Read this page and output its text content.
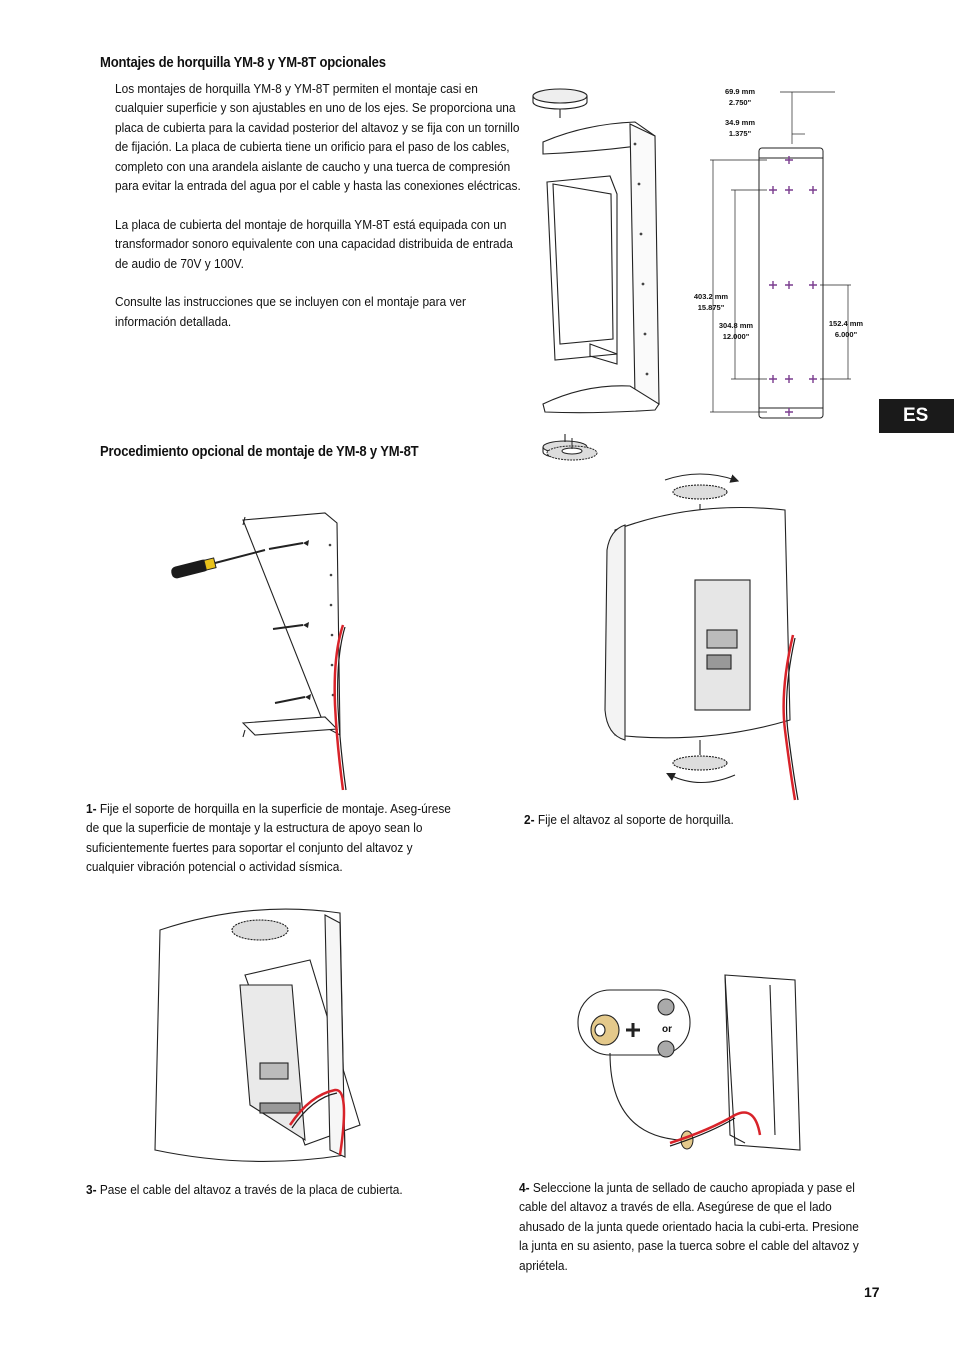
Montajes de horquilla YM-8 y YM-8T opcionales

Los montajes de horquilla YM-8 y YM-8T permiten el montaje casi en cualquier superficie y son ajustables en uno de los ejes. Se proporciona una placa de cubierta para la cavidad posterior del altavoz y se fija con un tornillo de fijación. La placa de cubierta tiene un orificio para el paso de los cables, completo con una arandela aislante de caucho y una tuerca de compresión para evitar la entrada del agua por el cable y hasta las conexiones eléctricas.

La placa de cubierta del montaje de horquilla YM-8T está equipada con un transformador sonoro equivalente con una capacidad distribuida de entrada de audio de 70V y 100V.

Consulte las instrucciones que se incluyen con el montaje para ver información detallada.

69.9 mm
2.750"
34.9 mm
1.375"
403.2 mm
15.875"
304.8 mm
12.000"
152.4 mm
6.000"
ES
Procedimiento opcional de montaje de YM-8 y YM-8T
1- Fije el soporte de horquilla en la superficie de montaje. Aseg-úrese de que la superficie de montaje y la estructura de apoyo sean lo suficientemente fuertes para soportar el conjunto del altavoz y cualquier vibración potencial o actividad sísmica.
2- Fije el altavoz al soporte de horquilla.
3- Pase el cable del altavoz a través de la placa de cubierta.
or
4- Seleccione la junta de sellado de caucho apropiada y pase el cable del altavoz a través de ella. Asegúrese de que el lado ahusado de la junta quede orientado hacia la cubi-erta. Presione la junta en su asiento, pase la tuerca sobre el cable del altavoz y apriétela.
17
